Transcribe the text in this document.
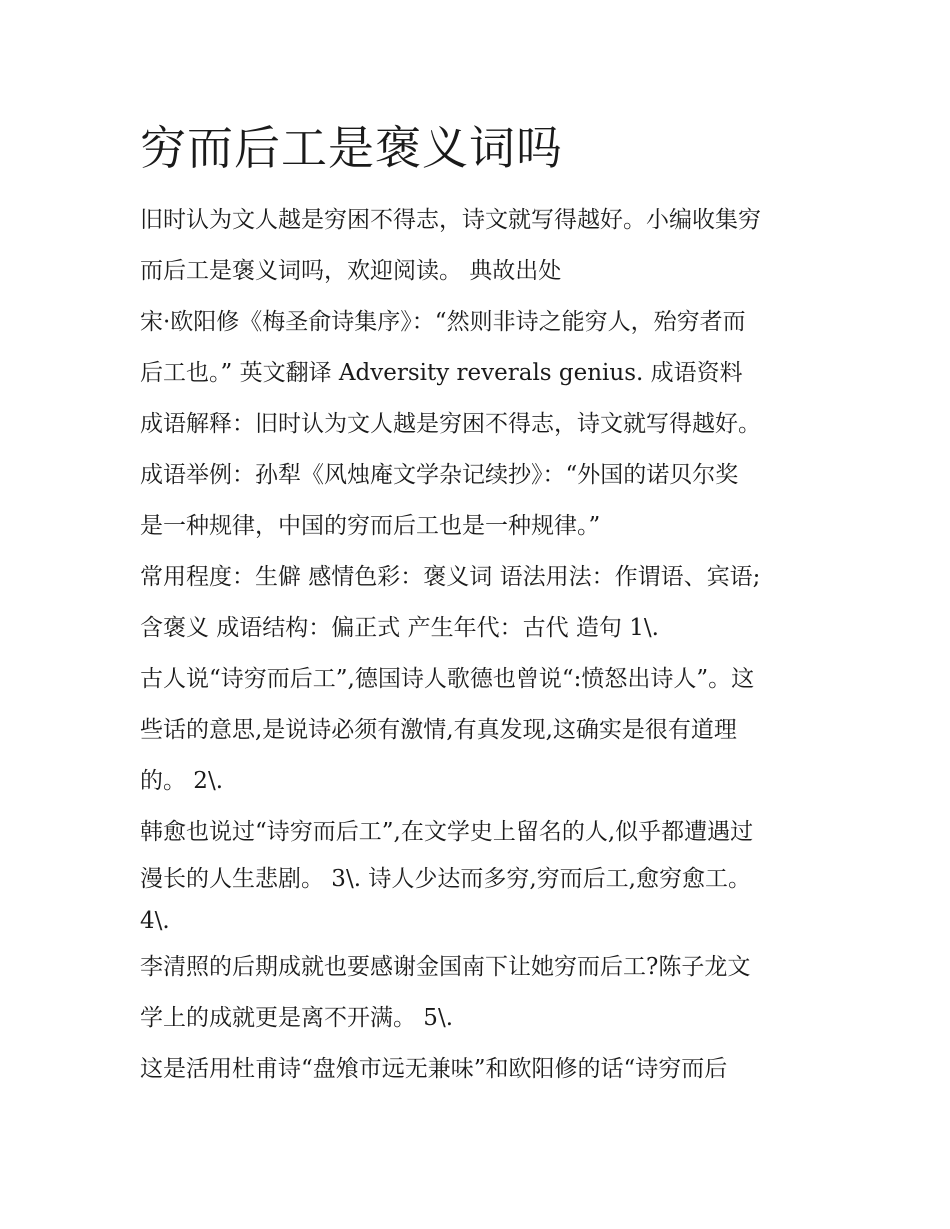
穷而后工是褒义词吗
旧时认为文人越是穷困不得志，诗文就写得越好。小编收集穷
而后工是褒义词吗，欢迎阅读。 典故出处
宋·欧阳修《梅圣俞诗集序》：“然则非诗之能穷人，殆穷者而
后工也。” 英文翻译 Adversity reverals genius. 成语资料
成语解释：旧时认为文人越是穷困不得志，诗文就写得越好。
成语举例：孙犁《风烛庵文学杂记续抄》：“外国的诺贝尔奖
是一种规律，中国的穷而后工也是一种规律。”
常用程度：生僻 感情色彩：褒义词 语法用法：作谓语、宾语;
含褒义 成语结构：偏正式 产生年代：古代 造句 1\.
古人说“诗穷而后工”,德国诗人歌德也曾说“:愤怒出诗人”。这
些话的意思,是说诗必须有激情,有真发现,这确实是很有道理
的。 2\.
韩愈也说过“诗穷而后工”,在文学史上留名的人,似乎都遭遇过
漫长的人生悲剧。 3\. 诗人少达而多穷,穷而后工,愈穷愈工。
4\.
李清照的后期成就也要感谢金国南下让她穷而后工?陈子龙文
学上的成就更是离不开满。 5\.
这是活用杜甫诗“盘飧市远无兼味”和欧阳修的话“诗穷而后
